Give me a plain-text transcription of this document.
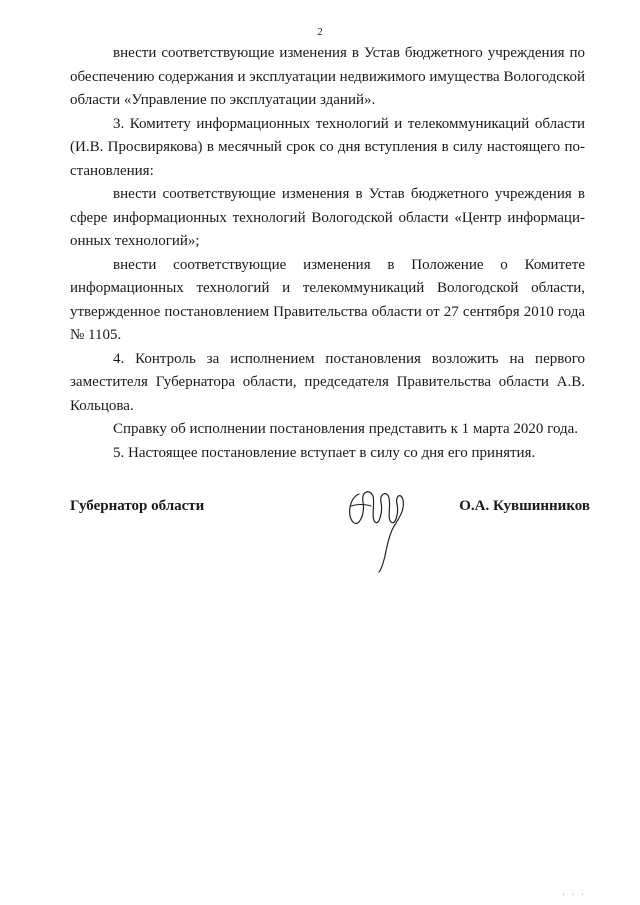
2

внести соответствующие изменения в Устав бюджетного учреждения по обеспечению содержания и эксплуатации недвижимого имущества Вологодской области «Управление по эксплуатации зданий».

3. Комитету информационных технологий и телекоммуникаций области (И.В. Просвирякова) в месячный срок со дня вступления в силу настоящего постановления:

внести соответствующие изменения в Устав бюджетного учреждения в сфере информационных технологий Вологодской области «Центр информационных технологий»;

внести соответствующие изменения в Положение о Комитете информационных технологий и телекоммуникаций Вологодской области, утвержденное постановлением Правительства области от 27 сентября 2010 года № 1105.

4. Контроль за исполнением постановления возложить на первого заместителя Губернатора области, председателя Правительства области А.В. Кольцова.

Справку об исполнении постановления представить к 1 марта 2020 года.

5. Настоящее постановление вступает в силу со дня его принятия.

Губернатор области	О.А. Кувшинников
' ' '
